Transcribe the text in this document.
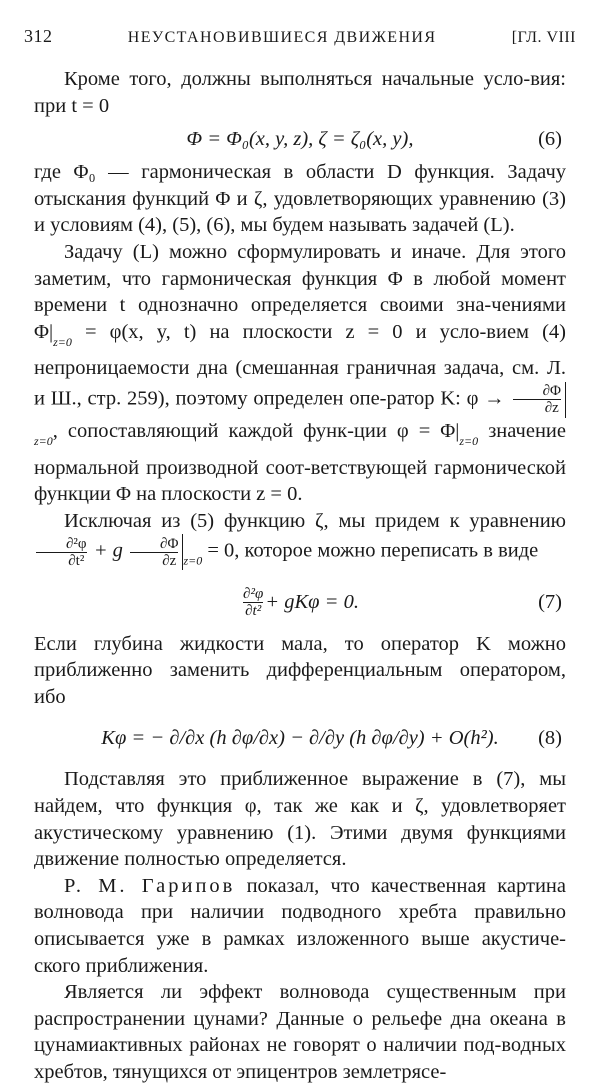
312	НЕУСТАНОВИВШИЕСЯ ДВИЖЕНИЯ	[ГЛ. VIII

Кроме того, должны выполняться начальные усло-вия: при t = 0

Φ = Φ₀(x, y, z), ζ = ζ₀(x, y),	(6)

где Φ₀ — гармоническая в области D функция. Задачу отыскания функций Φ и ζ, удовлетворяющих уравнению (3) и условиям (4), (5), (6), мы будем называть задачей (L).

Задачу (L) можно сформулировать и иначе. Для этого заметим, что гармоническая функция Φ в любой момент времени t однозначно определяется своими зна-чениями $\Phi|_{z=0} = \varphi(x$, y, t) на плоскости z = 0 и усло-вием (4) непроницаемости дна (смешанная граничная задача, см. Л. и Ш., стр. 259), поэтому определен опе-ратор K: $\varphi \to \frac{\partial\Phi}{\partial z}$
$_{z=0}$, сопоставляющий каждой функ-ции $\varphi = \Phi|_{z=0}$ значение нормальной производной соот-ветствующей гармонической функции Φ на плоскости z = 0.

Исключая из (5) функцию ζ, мы придем к уравнению
$\frac{\text{∂²φ}}{\text{∂t²}} + g \frac{\partial\Phi}{\partial z} _{z=0} = 0$, которое можно переписать в виде

$\frac{\text{∂²φ}}{\text{∂t²}} + gK\varphi = 0$.	(7)

Если глубина жидкости мала, то оператор K можно приближенно заменить дифференциальным оператором, ибо

Kφ = − ∂/∂x (h ∂φ/∂x) − ∂/∂y (h ∂φ/∂y) + O(h²). (8)

Подставляя это приближенное выражение в (7), мы найдем, что функция φ, так же как и ζ, удовлетворяет акустическому уравнению (1). Этими двумя функциями движение полностью определяется.

Р. М. Гарипов показал, что качественная картина волновода при наличии подводного хребта правильно описывается уже в рамках изложенного выше акустиче-ского приближения.

Является ли эффект волновода существенным при распространении цунами? Данные о рельефе дна океана в цунамиактивных районах не говорят о наличии под-водных хребтов, тянущихся от эпицентров землетрясе-
